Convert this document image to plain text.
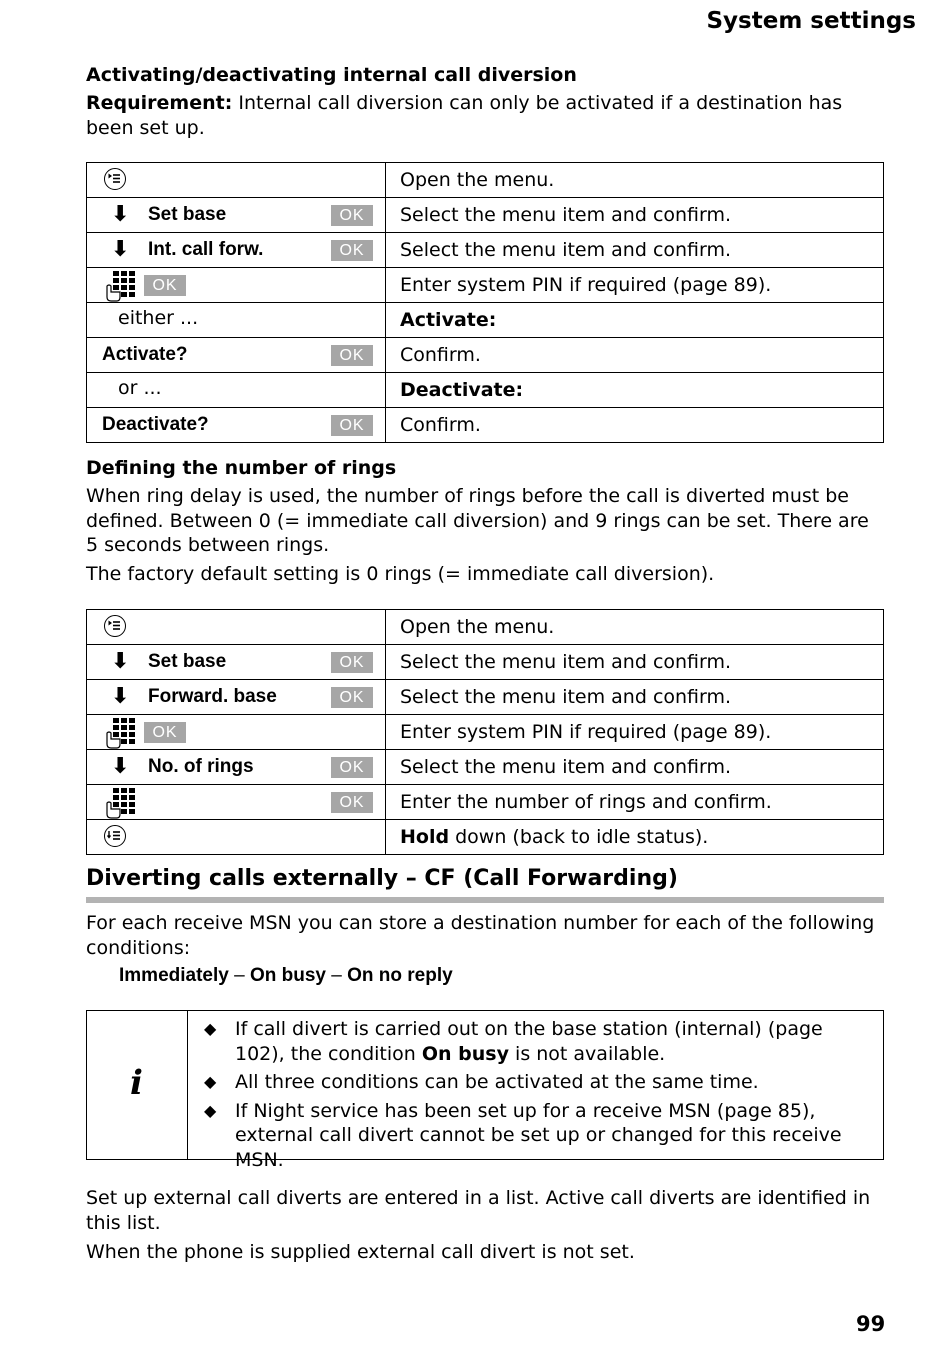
System settings
Activating/deactivating internal call diversion
Requirement: Internal call diversion can only be activated if a destination has been set up.
	Open the menu.

⬇ Set base OK	Select the menu item and confirm.

⬇ Int. call forw. OK	Select the menu item and confirm.

OK	Enter system PIN if required (page 89).

either ...	Activate:

Activate? OK	Confirm.

or ...	Deactivate:

Deactivate? OK	Confirm.
Defining the number of rings
When ring delay is used, the number of rings before the call is diverted must be defined. Between 0 (= immediate call diversion) and 9 rings can be set. There are 5 seconds between rings.
The factory default setting is 0 rings (= immediate call diversion).
	Open the menu.

⬇ Set base OK	Select the menu item and confirm.

⬇ Forward. base OK	Select the menu item and confirm.

OK	Enter system PIN if required (page 89).

⬇ No. of rings OK	Select the menu item and confirm.

OK	Enter the number of rings and confirm.

	Hold down (back to idle status).
Diverting calls externally – CF (Call Forwarding)
For each receive MSN you can store a destination number for each of the following conditions:
Immediately – On busy – On no reply
i
◆ If call divert is carried out on the base station (internal) (page 102), the condition On busy is not available.
◆ All three conditions can be activated at the same time.
◆ If Night service has been set up for a receive MSN (page 85), external call divert cannot be set up or changed for this receive MSN.
Set up external call diverts are entered in a list. Active call diverts are identified in this list.
When the phone is supplied external call divert is not set.
99
